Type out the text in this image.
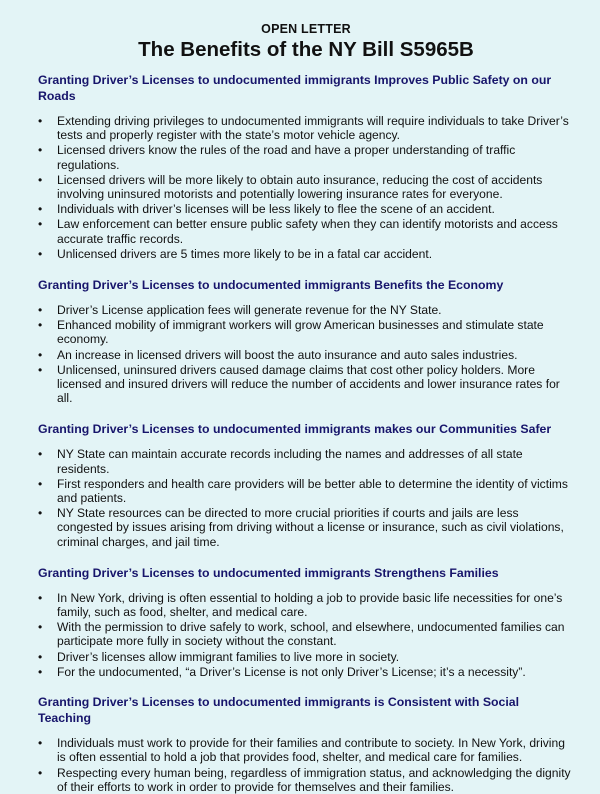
OPEN LETTER
The Benefits of the NY Bill S5965B
Granting Driver’s Licenses to undocumented immigrants Improves Public Safety on our Roads
• Extending driving privileges to undocumented immigrants will require individuals to take Driver’s tests and properly register with the state’s motor vehicle agency.
• Licensed drivers know the rules of the road and have a proper understanding of traffic regulations.
• Licensed drivers will be more likely to obtain auto insurance, reducing the cost of accidents involving uninsured motorists and potentially lowering insurance rates for everyone.
• Individuals with driver’s licenses will be less likely to flee the scene of an accident.
• Law enforcement can better ensure public safety when they can identify motorists and access accurate traffic records.
• Unlicensed drivers are 5 times more likely to be in a fatal car accident.
Granting Driver’s Licenses to undocumented immigrants Benefits the Economy
• Driver’s License application fees will generate revenue for the NY State.
• Enhanced mobility of immigrant workers will grow American businesses and stimulate state economy.
• An increase in licensed drivers will boost the auto insurance and auto sales industries.
• Unlicensed, uninsured drivers caused damage claims that cost other policy holders. More licensed and insured drivers will reduce the number of accidents and lower insurance rates for all.
Granting Driver’s Licenses to undocumented immigrants makes our Communities Safer
• NY State can maintain accurate records including the names and addresses of all state residents.
• First responders and health care providers will be better able to determine the identity of victims and patients.
• NY State resources can be directed to more crucial priorities if courts and jails are less congested by issues arising from driving without a license or insurance, such as civil violations, criminal charges, and jail time.
Granting Driver’s Licenses to undocumented immigrants Strengthens Families
• In New York, driving is often essential to holding a job to provide basic life necessities for one’s family, such as food, shelter, and medical care.
• With the permission to drive safely to work, school, and elsewhere, undocumented families can participate more fully in society without the constant.
• Driver’s licenses allow immigrant families to live more in society.
• For the undocumented, “a Driver’s License is not only Driver’s License; it’s a necessity”.
Granting Driver’s Licenses to undocumented immigrants is Consistent with Social Teaching
• Individuals must work to provide for their families and contribute to society. In New York, driving is often essential to hold a job that provides food, shelter, and medical care for families.
• Respecting every human being, regardless of immigration status, and acknowledging the dignity of their efforts to work in order to provide for themselves and their families.
